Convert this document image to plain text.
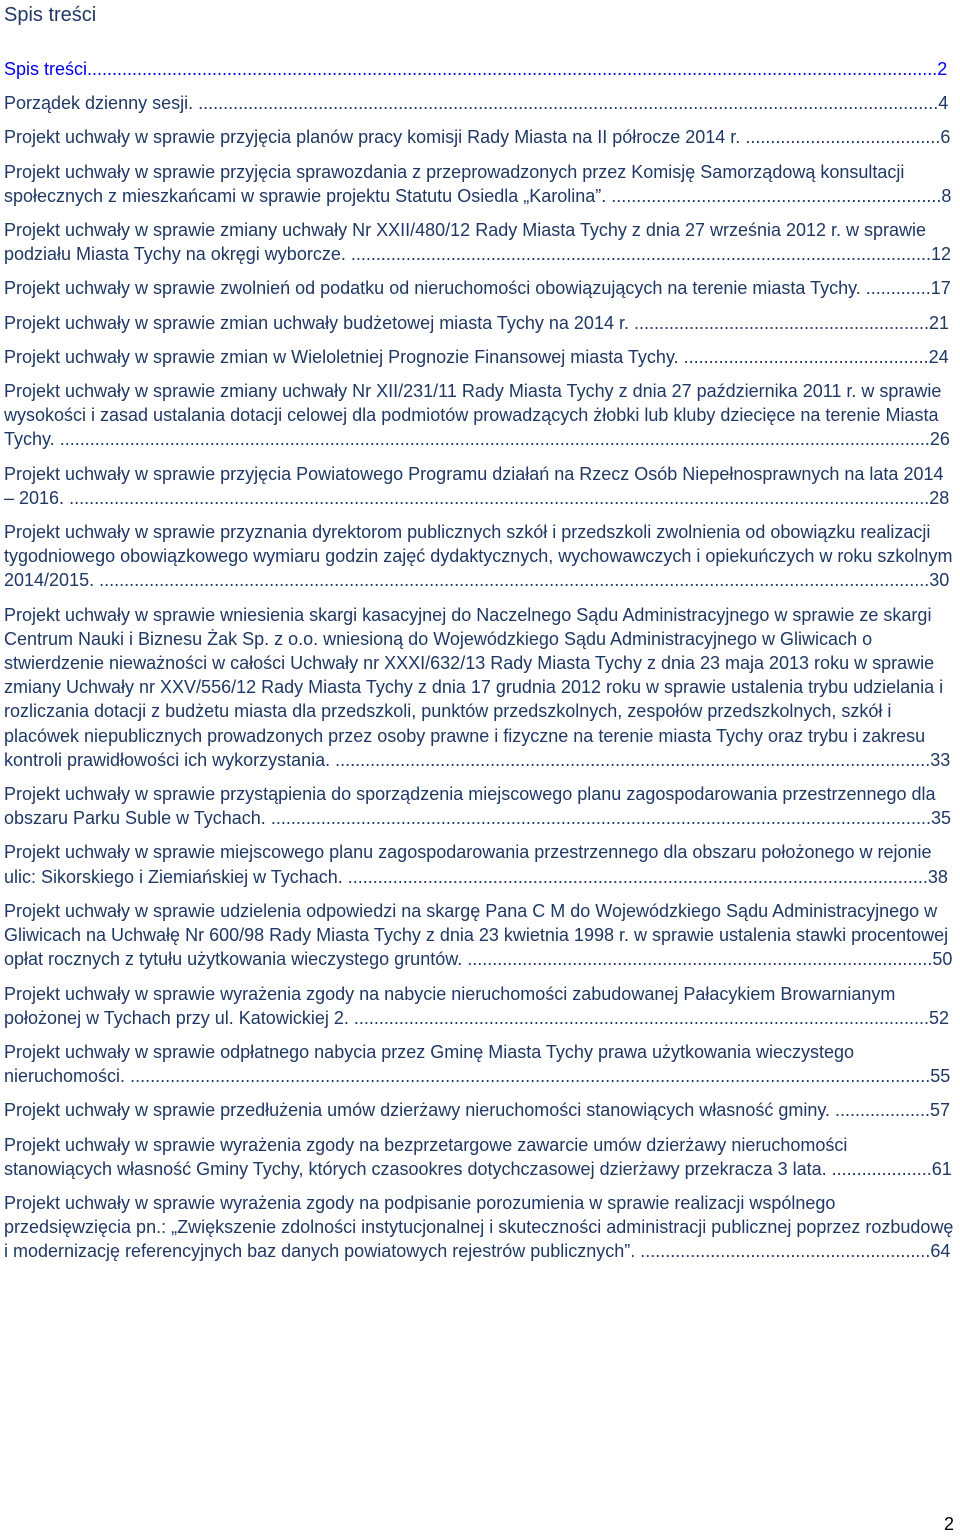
Spis treści
Spis treści..........................................................................................................................................................................2
Porządek dzienny sesji. ....................................................................................................................................................4
Projekt uchwały w sprawie przyjęcia planów pracy komisji Rady Miasta na II półrocze 2014 r. .......................................6
Projekt uchwały w sprawie przyjęcia sprawozdania z przeprowadzonych przez Komisję Samorządową konsultacji społecznych z mieszkańcami w sprawie projektu Statutu Osiedla „Karolina”. ..................................................................8
Projekt uchwały w sprawie zmiany uchwały Nr XXII/480/12 Rady Miasta Tychy z dnia 27 września 2012 r. w sprawie podziału Miasta Tychy na okręgi wyborcze. ....................................................................................................................12
Projekt uchwały w sprawie zwolnień od podatku od nieruchomości obowiązujących na terenie miasta Tychy. .............17
Projekt uchwały w sprawie zmian uchwały budżetowej miasta Tychy na 2014 r. ...........................................................21
Projekt uchwały w sprawie zmian w Wieloletniej Prognozie Finansowej miasta Tychy. .................................................24
Projekt uchwały w sprawie zmiany uchwały Nr XII/231/11 Rady Miasta Tychy z dnia 27 października 2011 r. w sprawie wysokości i zasad ustalania dotacji celowej dla podmiotów prowadzących żłobki lub kluby dziecięce na terenie Miasta Tychy. ..............................................................................................................................................................................26
Projekt uchwały w sprawie przyjęcia Powiatowego Programu działań na Rzecz Osób Niepełnosprawnych na lata 2014 – 2016. ............................................................................................................................................................................28
Projekt uchwały w sprawie przyznania dyrektorom publicznych szkół i przedszkoli zwolnienia od obowiązku realizacji tygodniowego obowiązkowego wymiaru godzin zajęć dydaktycznych, wychowawczych i opiekuńczych w roku szkolnym 2014/2015. ......................................................................................................................................................................30
Projekt uchwały w sprawie wniesienia skargi kasacyjnej do Naczelnego Sądu Administracyjnego w sprawie ze skargi Centrum Nauki i Biznesu Żak Sp. z o.o. wniesioną do Wojewódzkiego Sądu Administracyjnego w Gliwicach o stwierdzenie nieważności w całości Uchwały nr XXXI/632/13 Rady Miasta Tychy z dnia 23 maja 2013 roku w sprawie zmiany Uchwały nr XXV/556/12 Rady Miasta Tychy z dnia 17 grudnia 2012 roku w sprawie ustalenia trybu udzielania i rozliczania dotacji z budżetu miasta dla przedszkoli, punktów przedszkolnych, zespołów przedszkolnych, szkół i placówek niepublicznych prowadzonych przez osoby prawne i fizyczne na terenie miasta Tychy oraz trybu i zakresu kontroli prawidłowości ich wykorzystania. .......................................................................................................................33
Projekt uchwały w sprawie przystąpienia do sporządzenia miejscowego planu zagospodarowania przestrzennego dla obszaru Parku Suble w Tychach. ....................................................................................................................................35
Projekt uchwały w sprawie miejscowego planu zagospodarowania przestrzennego dla obszaru położonego w rejonie ulic: Sikorskiego i Ziemiańskiej w Tychach. ....................................................................................................................38
Projekt uchwały w sprawie udzielenia odpowiedzi na skargę Pana C M do Wojewódzkiego Sądu Administracyjnego w Gliwicach na Uchwałę Nr 600/98 Rady Miasta Tychy z dnia 23 kwietnia 1998 r. w sprawie ustalenia stawki procentowej opłat rocznych z tytułu użytkowania wieczystego gruntów. .............................................................................................50
Projekt uchwały w sprawie wyrażenia zgody na nabycie nieruchomości zabudowanej Pałacykiem Browarnianym położonej w Tychach przy ul. Katowickiej 2. ...................................................................................................................52
Projekt uchwały w sprawie odpłatnego nabycia przez Gminę Miasta Tychy prawa użytkowania wieczystego nieruchomości. ................................................................................................................................................................55
Projekt uchwały w sprawie przedłużenia umów dzierżawy nieruchomości stanowiących własność gminy. ...................57
Projekt uchwały w sprawie wyrażenia zgody na bezprzetargowe zawarcie umów dzierżawy nieruchomości stanowiących własność Gminy Tychy, których czasookres dotychczasowej dzierżawy przekracza 3 lata. ....................61
Projekt uchwały w sprawie wyrażenia zgody na podpisanie porozumienia w sprawie realizacji wspólnego przedsięwzięcia pn.: „Zwiększenie zdolności instytucjonalnej i skuteczności administracji publicznej poprzez rozbudowę i modernizację referencyjnych baz danych powiatowych rejestrów publicznych”. ..........................................................64
2
